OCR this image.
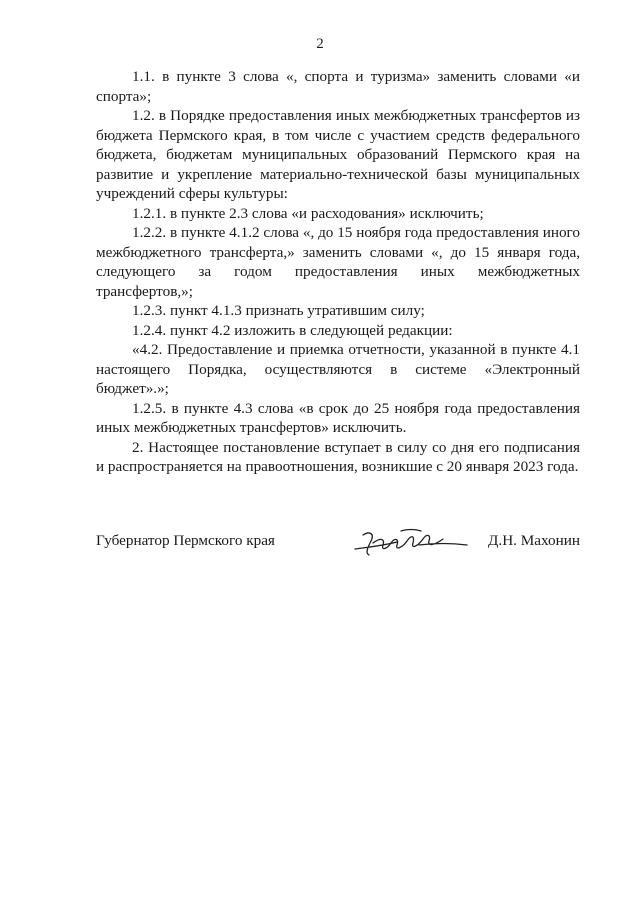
2

1.1. в пункте 3 слова «, спорта и туризма» заменить словами «и спорта»;

1.2. в Порядке предоставления иных межбюджетных трансфертов из бюджета Пермского края, в том числе с участием средств федерального бюджета, бюджетам муниципальных образований Пермского края на развитие и укрепление материально-технической базы муниципальных учреждений сферы культуры:

1.2.1. в пункте 2.3 слова «и расходования» исключить;

1.2.2. в пункте 4.1.2 слова «, до 15 ноября года предоставления иного межбюджетного трансферта,» заменить словами «, до 15 января года, следующего за годом предоставления иных межбюджетных трансфертов,»;

1.2.3. пункт 4.1.3 признать утратившим силу;

1.2.4. пункт 4.2 изложить в следующей редакции:

«4.2. Предоставление и приемка отчетности, указанной в пункте 4.1 настоящего Порядка, осуществляются в системе «Электронный бюджет».»;

1.2.5. в пункте 4.3 слова «в срок до 25 ноября года предоставления иных межбюджетных трансфертов» исключить.

2. Настоящее постановление вступает в силу со дня его подписания и распространяется на правоотношения, возникшие с 20 января 2023 года.

Губернатор Пермского края	Д.Н. Махонин
